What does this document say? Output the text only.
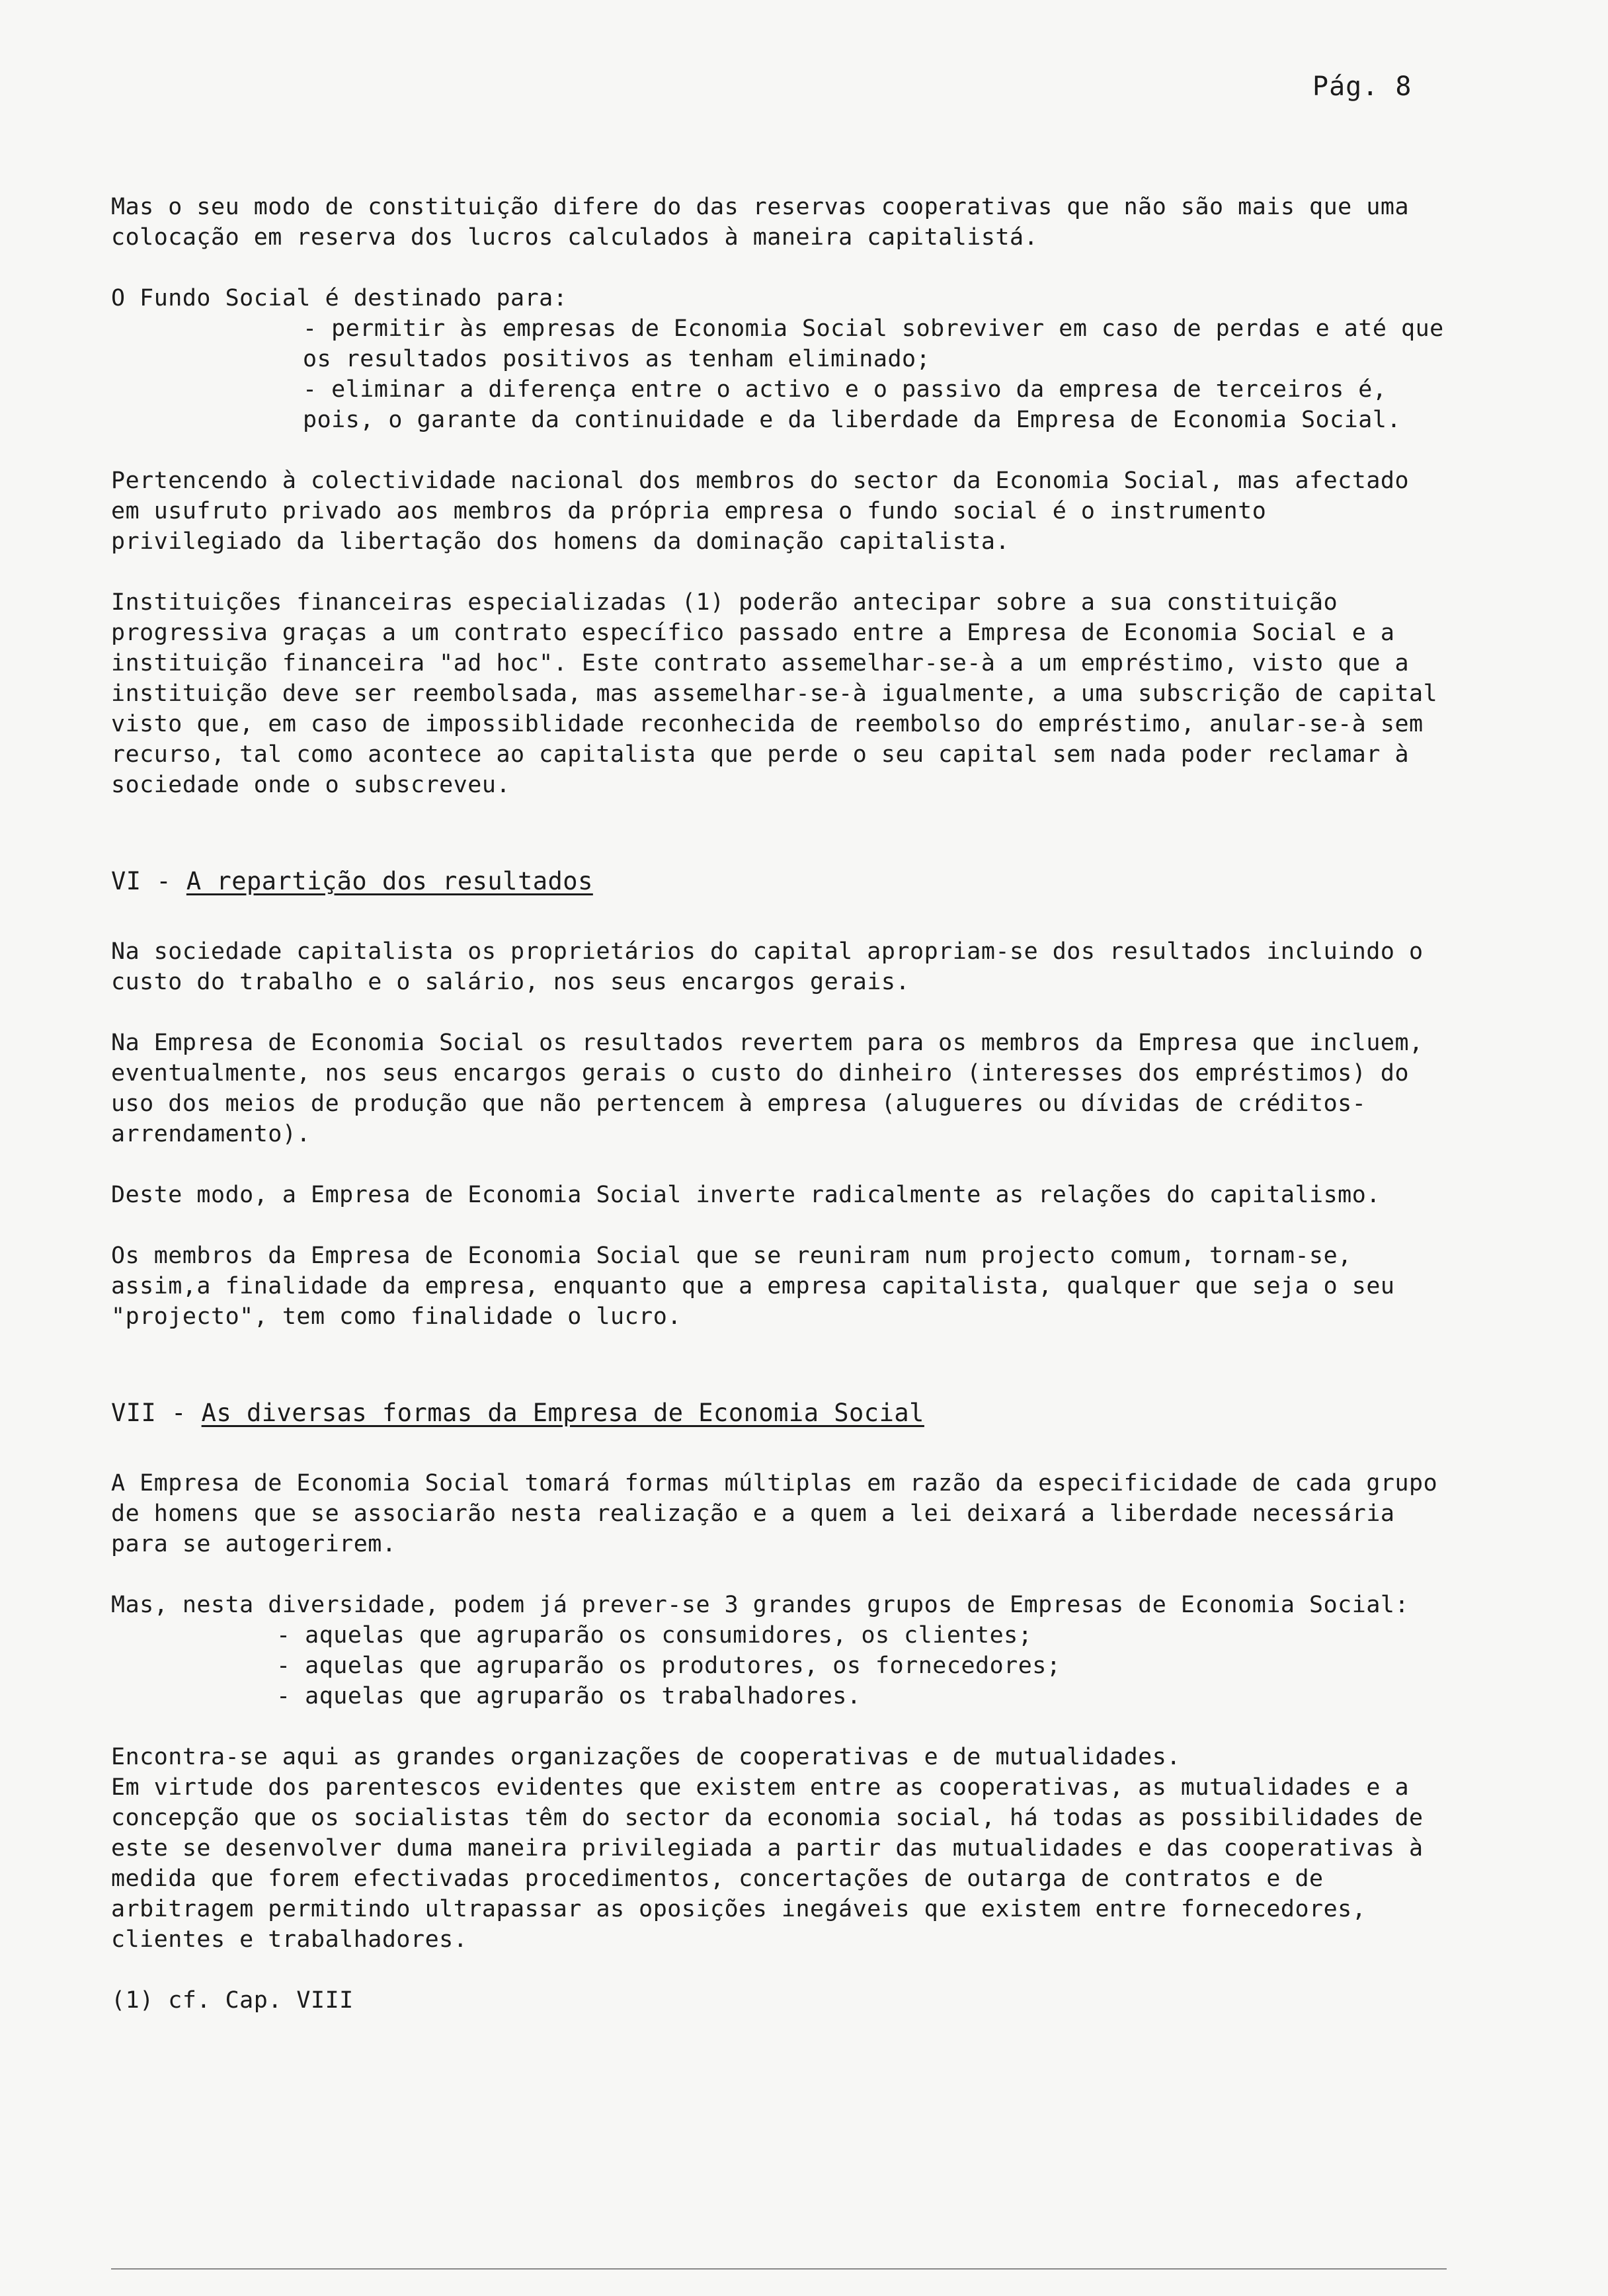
Pág. 8

Mas o seu modo de constituição difere do das reservas cooperativas que não são mais que uma colocação em reserva dos lucros calculados à maneira capitalistá.

O Fundo Social é destinado para:

- permitir às empresas de Economia Social sobreviver em caso de perdas e até que os resultados positivos as tenham eliminado;

- eliminar a diferença entre o activo e o passivo da empresa de terceiros é, pois, o garante da continuidade e da liberdade da Empresa de Economia Social.

Pertencendo à colectividade nacional dos membros do sector da Economia Social, mas afectado em usufruto privado aos membros da própria empresa o fundo social é o instrumento privilegiado da libertação dos homens da dominação capitalista.

Instituições financeiras especializadas (1) poderão antecipar sobre a sua constituição progressiva graças a um contrato específico passado entre a Empresa de Economia Social e a instituição financeira "ad hoc". Este contrato assemelhar-se-à a um empréstimo, visto que a instituição deve ser reembolsada, mas assemelhar-se-à igualmente, a uma subscrição de capital visto que, em caso de impossiblidade reconhecida de reembolso do empréstimo, anular-se-à sem recurso, tal como acontece ao capitalista que perde o seu capital sem nada poder reclamar à sociedade onde o subscreveu.

VI - A repartição dos resultados

Na sociedade capitalista os proprietários do capital apropriam-se dos resultados incluindo o custo do trabalho e o salário, nos seus encargos gerais.

Na Empresa de Economia Social os resultados revertem para os membros da Empresa que incluem, eventualmente, nos seus encargos gerais o custo do dinheiro (interesses dos empréstimos) do uso dos meios de produção que não pertencem à empresa (alugueres ou dívidas de créditos-arrendamento).

Deste modo, a Empresa de Economia Social inverte radicalmente as relações do capitalismo.

Os membros da Empresa de Economia Social que se reuniram num projecto comum, tornam-se, assim,a finalidade da empresa, enquanto que a empresa capitalista, qualquer que seja o seu "projecto", tem como finalidade o lucro.

VII - As diversas formas da Empresa de Economia Social

A Empresa de Economia Social tomará formas múltiplas em razão da especificidade de cada grupo de homens que se associarão nesta realização e a quem a lei deixará a liberdade necessária para se autogerirem.

Mas, nesta diversidade, podem já prever-se 3 grandes grupos de Empresas de Economia Social:

- aquelas que agruparão os consumidores, os clientes;

- aquelas que agruparão os produtores, os fornecedores;

- aquelas que agruparão os trabalhadores.

Encontra-se aqui as grandes organizações de cooperativas e de mutualidades.

Em virtude dos parentescos evidentes que existem entre as cooperativas, as mutualidades e a concepção que os socialistas têm do sector da economia social, há todas as possibilidades de este se desenvolver duma maneira privilegiada a partir das mutualidades e das cooperativas à medida que forem efectivadas procedimentos, concertações de outarga de contratos e de arbitragem permitindo ultrapassar as oposições inegáveis que existem entre fornecedores, clientes e trabalhadores.

(1) cf. Cap. VIII
